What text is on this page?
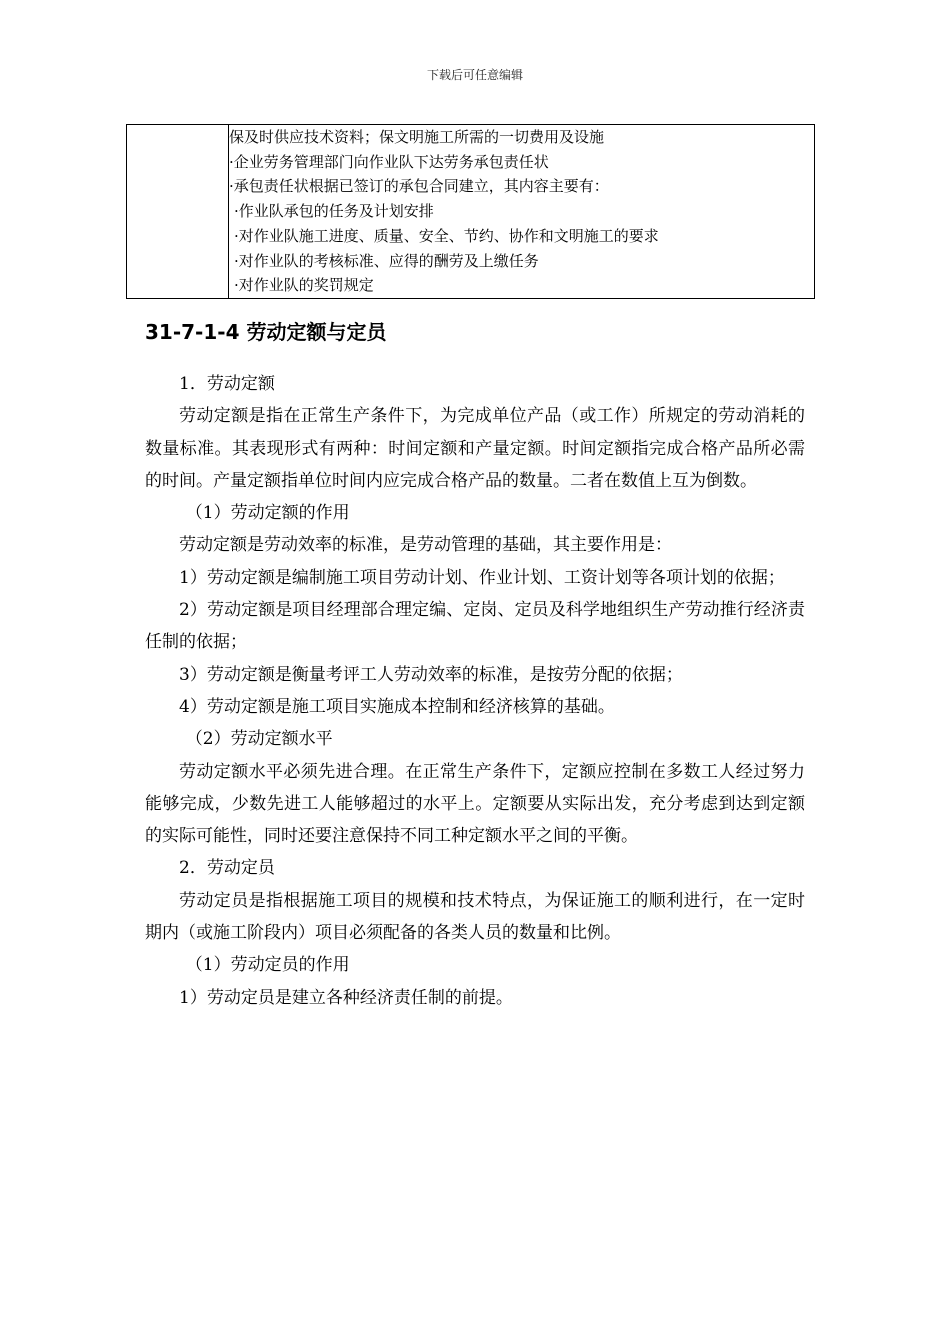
下载后可任意编辑

保及时供应技术资料；保文明施工所需的一切费用及设施
·企业劳务管理部门向作业队下达劳务承包责任状
·承包责任状根据已签订的承包合同建立，其内容主要有：
·作业队承包的任务及计划安排
·对作业队施工进度、质量、安全、节约、协作和文明施工的要求
·对作业队的考核标准、应得的酬劳及上缴任务
·对作业队的奖罚规定
31-7-1-4 劳动定额与定员

1．劳动定额

劳动定额是指在正常生产条件下，为完成单位产品（或工作）所规定的劳动消耗的数量标准。其表现形式有两种：时间定额和产量定额。时间定额指完成合格产品所必需的时间。产量定额指单位时间内应完成合格产品的数量。二者在数值上互为倒数。

（1）劳动定额的作用

劳动定额是劳动效率的标准，是劳动管理的基础，其主要作用是：

1）劳动定额是编制施工项目劳动计划、作业计划、工资计划等各项计划的依据；

2）劳动定额是项目经理部合理定编、定岗、定员及科学地组织生产劳动推行经济责任制的依据；

3）劳动定额是衡量考评工人劳动效率的标准，是按劳分配的依据；

4）劳动定额是施工项目实施成本控制和经济核算的基础。

（2）劳动定额水平

劳动定额水平必须先进合理。在正常生产条件下，定额应控制在多数工人经过努力能够完成，少数先进工人能够超过的水平上。定额要从实际出发，充分考虑到达到定额的实际可能性，同时还要注意保持不同工种定额水平之间的平衡。

2．劳动定员

劳动定员是指根据施工项目的规模和技术特点，为保证施工的顺利进行，在一定时期内（或施工阶段内）项目必须配备的各类人员的数量和比例。

（1）劳动定员的作用

1）劳动定员是建立各种经济责任制的前提。
